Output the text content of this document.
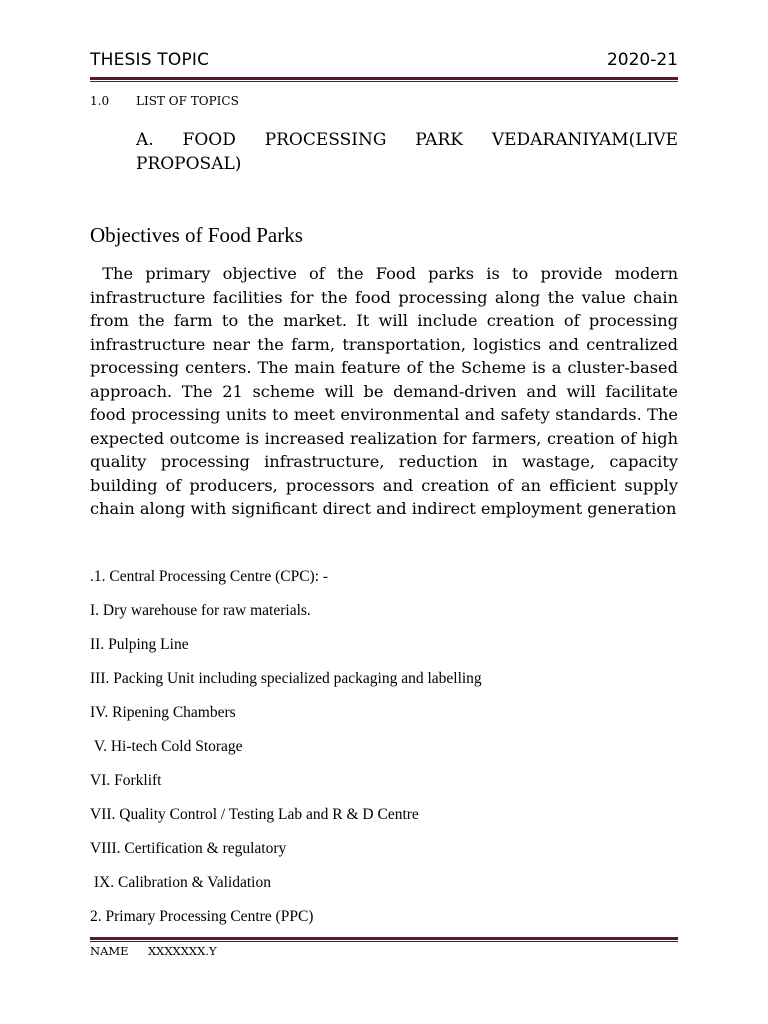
THESIS TOPIC	2020-21
1.0 LIST OF TOPICS
A. FOOD PROCESSING PARK VEDARANIYAM(LIVE PROPOSAL)
Objectives of Food Parks

The primary objective of the Food parks is to provide modern infrastructure facilities for the food processing along the value chain from the farm to the market. It will include creation of processing infrastructure near the farm, transportation, logistics and centralized processing centers. The main feature of the Scheme is a cluster-based approach. The 21 scheme will be demand-driven and will facilitate food processing units to meet environmental and safety standards. The expected outcome is increased realization for farmers, creation of high quality processing infrastructure, reduction in wastage, capacity building of producers, processors and creation of an efficient supply chain along with significant direct and indirect employment generation

.1. Central Processing Centre (CPC): -
I. Dry warehouse for raw materials.
II. Pulping Line
III. Packing Unit including specialized packaging and labelling
IV. Ripening Chambers
V. Hi-tech Cold Storage
VI. Forklift
VII. Quality Control / Testing Lab and R & D Centre
VIII. Certification & regulatory
IX. Calibration & Validation
2. Primary Processing Centre (PPC)
NAME XXXXXXX.Y
